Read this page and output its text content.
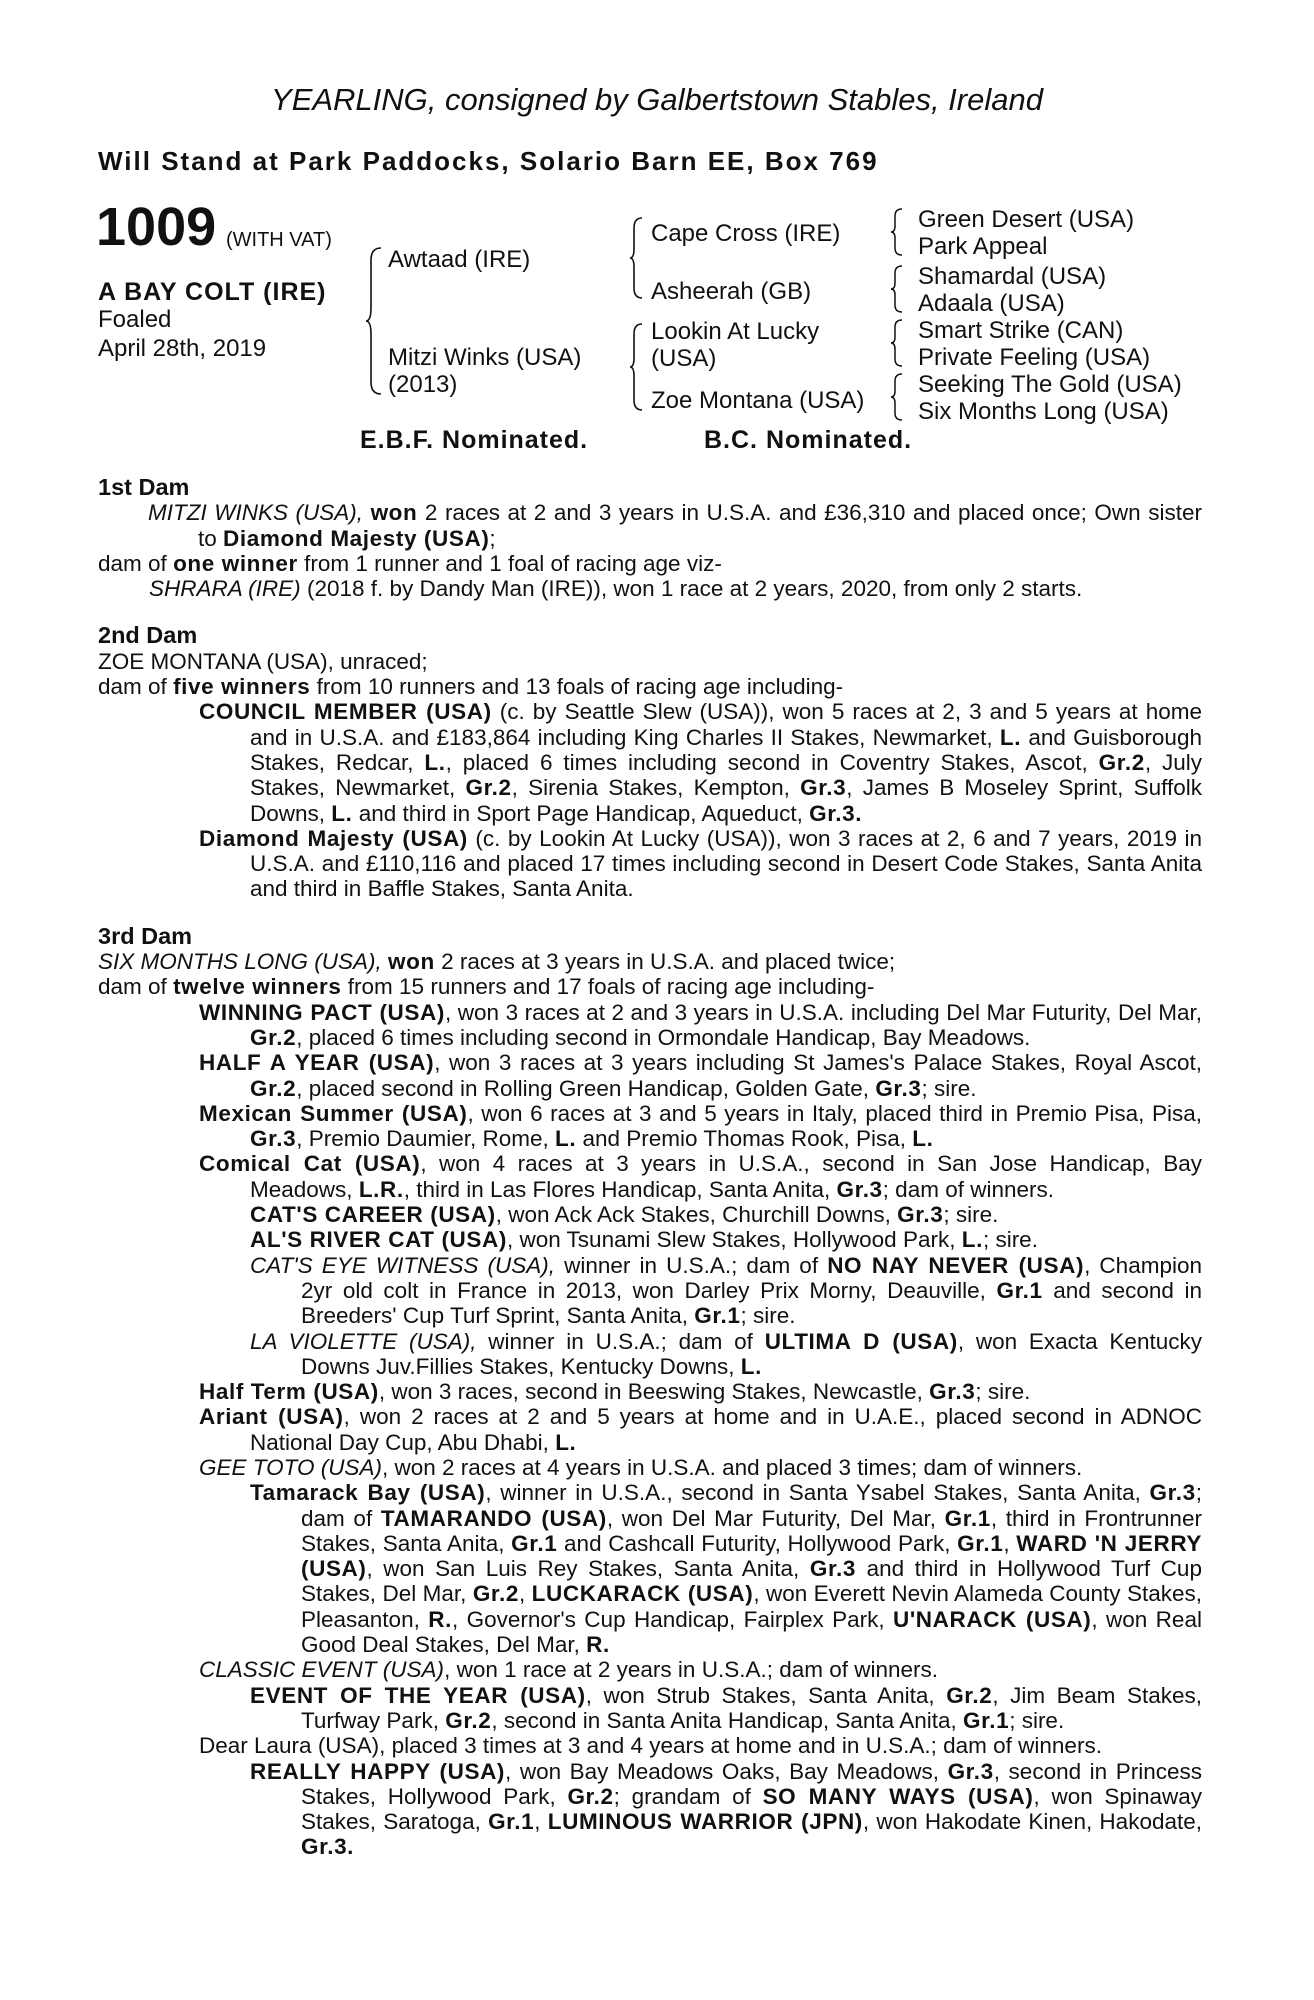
YEARLING, consigned by Galbertstown Stables, Ireland
Will Stand at Park Paddocks, Solario Barn EE, Box 769
1009 (WITH VAT)
A BAY COLT (IRE)
Foaled
April 28th, 2019
Awtaad (IRE)
Mitzi Winks (USA)
(2013)
Cape Cross (IRE)
Asheerah (GB)
Lookin At Lucky
(USA)
Zoe Montana (USA)
Green Desert (USA)
Park Appeal
Shamardal (USA)
Adaala (USA)
Smart Strike (CAN)
Private Feeling (USA)
Seeking The Gold (USA)
Six Months Long (USA)
E.B.F. Nominated.	B.C. Nominated.

1st Dam

MITZI WINKS (USA), won 2 races at 2 and 3 years in U.S.A. and £36,310 and placed once; Own sister to Diamond Majesty (USA);

dam of one winner from 1 runner and 1 foal of racing age viz-

SHRARA (IRE) (2018 f. by Dandy Man (IRE)), won 1 race at 2 years, 2020, from only 2 starts.

2nd Dam

ZOE MONTANA (USA), unraced;

dam of five winners from 10 runners and 13 foals of racing age including-

COUNCIL MEMBER (USA) (c. by Seattle Slew (USA)), won 5 races at 2, 3 and 5 years at home and in U.S.A. and £183,864 including King Charles II Stakes, Newmarket, L. and Guisborough Stakes, Redcar, L., placed 6 times including second in Coventry Stakes, Ascot, Gr.2, July Stakes, Newmarket, Gr.2, Sirenia Stakes, Kempton, Gr.3, James B Moseley Sprint, Suffolk Downs, L. and third in Sport Page Handicap, Aqueduct, Gr.3.

Diamond Majesty (USA) (c. by Lookin At Lucky (USA)), won 3 races at 2, 6 and 7 years, 2019 in U.S.A. and £110,116 and placed 17 times including second in Desert Code Stakes, Santa Anita and third in Baffle Stakes, Santa Anita.

3rd Dam

SIX MONTHS LONG (USA), won 2 races at 3 years in U.S.A. and placed twice;

dam of twelve winners from 15 runners and 17 foals of racing age including-

WINNING PACT (USA), won 3 races at 2 and 3 years in U.S.A. including Del Mar Futurity, Del Mar, Gr.2, placed 6 times including second in Ormondale Handicap, Bay Meadows.

HALF A YEAR (USA), won 3 races at 3 years including St James's Palace Stakes, Royal Ascot, Gr.2, placed second in Rolling Green Handicap, Golden Gate, Gr.3; sire.

Mexican Summer (USA), won 6 races at 3 and 5 years in Italy, placed third in Premio Pisa, Pisa, Gr.3, Premio Daumier, Rome, L. and Premio Thomas Rook, Pisa, L.

Comical Cat (USA), won 4 races at 3 years in U.S.A., second in San Jose Handicap, Bay Meadows, L.R., third in Las Flores Handicap, Santa Anita, Gr.3; dam of winners.

CAT'S CAREER (USA), won Ack Ack Stakes, Churchill Downs, Gr.3; sire.

AL'S RIVER CAT (USA), won Tsunami Slew Stakes, Hollywood Park, L.; sire.

CAT'S EYE WITNESS (USA), winner in U.S.A.; dam of NO NAY NEVER (USA), Champion 2yr old colt in France in 2013, won Darley Prix Morny, Deauville, Gr.1 and second in Breeders' Cup Turf Sprint, Santa Anita, Gr.1; sire.

LA VIOLETTE (USA), winner in U.S.A.; dam of ULTIMA D (USA), won Exacta Kentucky Downs Juv.Fillies Stakes, Kentucky Downs, L.

Half Term (USA), won 3 races, second in Beeswing Stakes, Newcastle, Gr.3; sire.

Ariant (USA), won 2 races at 2 and 5 years at home and in U.A.E., placed second in ADNOC National Day Cup, Abu Dhabi, L.

GEE TOTO (USA), won 2 races at 4 years in U.S.A. and placed 3 times; dam of winners.

Tamarack Bay (USA), winner in U.S.A., second in Santa Ysabel Stakes, Santa Anita, Gr.3; dam of TAMARANDO (USA), won Del Mar Futurity, Del Mar, Gr.1, third in Frontrunner Stakes, Santa Anita, Gr.1 and Cashcall Futurity, Hollywood Park, Gr.1, WARD 'N JERRY (USA), won San Luis Rey Stakes, Santa Anita, Gr.3 and third in Hollywood Turf Cup Stakes, Del Mar, Gr.2, LUCKARACK (USA), won Everett Nevin Alameda County Stakes, Pleasanton, R., Governor's Cup Handicap, Fairplex Park, U'NARACK (USA), won Real Good Deal Stakes, Del Mar, R.

CLASSIC EVENT (USA), won 1 race at 2 years in U.S.A.; dam of winners.

EVENT OF THE YEAR (USA), won Strub Stakes, Santa Anita, Gr.2, Jim Beam Stakes, Turfway Park, Gr.2, second in Santa Anita Handicap, Santa Anita, Gr.1; sire.

Dear Laura (USA), placed 3 times at 3 and 4 years at home and in U.S.A.; dam of winners.

REALLY HAPPY (USA), won Bay Meadows Oaks, Bay Meadows, Gr.3, second in Princess Stakes, Hollywood Park, Gr.2; grandam of SO MANY WAYS (USA), won Spinaway Stakes, Saratoga, Gr.1, LUMINOUS WARRIOR (JPN), won Hakodate Kinen, Hakodate, Gr.3.
